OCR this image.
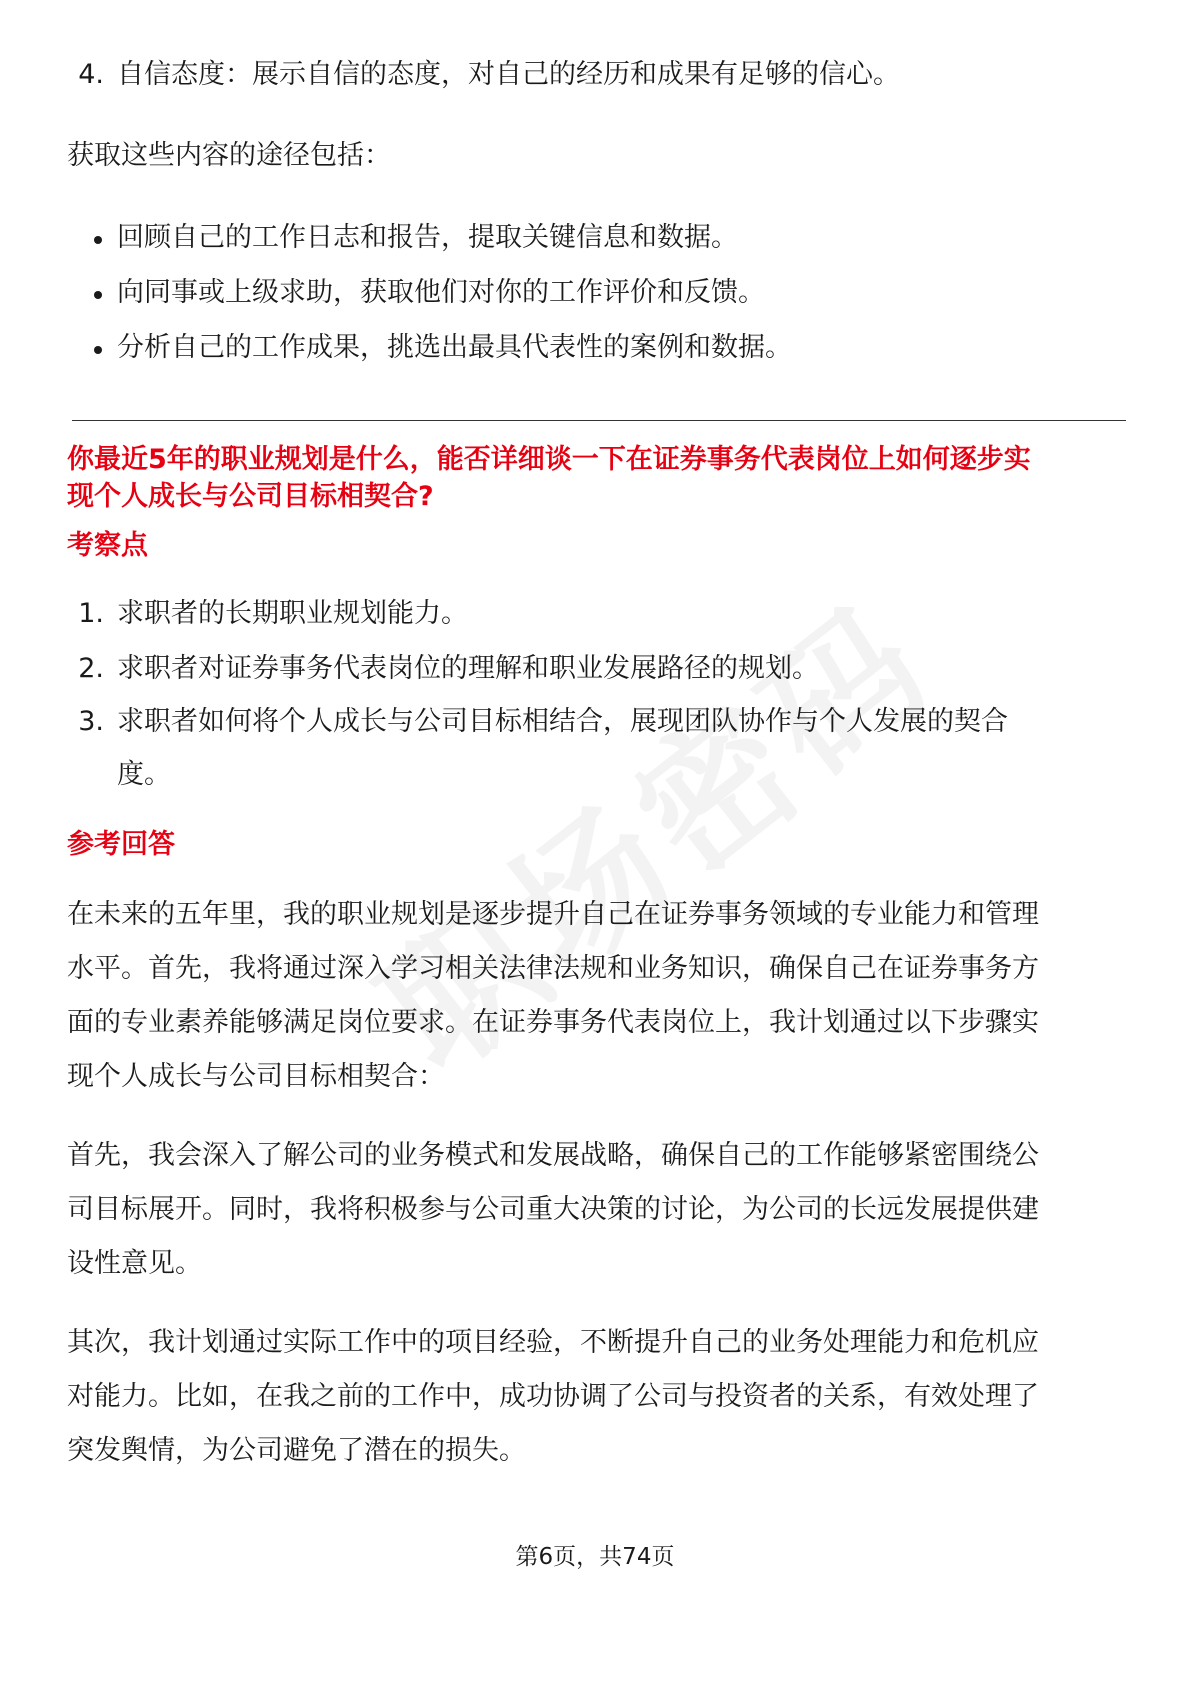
4. 自信态度：展示自信的态度，对自己的经历和成果有足够的信心。
获取这些内容的途径包括：
回顾自己的工作日志和报告，提取关键信息和数据。
向同事或上级求助，获取他们对你的工作评价和反馈。
分析自己的工作成果，挑选出最具代表性的案例和数据。
你最近5年的职业规划是什么，能否详细谈一下在证券事务代表岗位上如何逐步实
现个人成长与公司目标相契合?
考察点
1. 求职者的长期职业规划能力。
2. 求职者对证券事务代表岗位的理解和职业发展路径的规划。
3. 求职者如何将个人成长与公司目标相结合，展现团队协作与个人发展的契合
度。
参考回答
在未来的五年里，我的职业规划是逐步提升自己在证券事务领域的专业能力和管理
水平。首先，我将通过深入学习相关法律法规和业务知识，确保自己在证券事务方
面的专业素养能够满足岗位要求。在证券事务代表岗位上，我计划通过以下步骤实
现个人成长与公司目标相契合：
首先，我会深入了解公司的业务模式和发展战略，确保自己的工作能够紧密围绕公
司目标展开。同时，我将积极参与公司重大决策的讨论，为公司的长远发展提供建
设性意见。
其次，我计划通过实际工作中的项目经验，不断提升自己的业务处理能力和危机应
对能力。比如，在我之前的工作中，成功协调了公司与投资者的关系，有效处理了
突发舆情，为公司避免了潜在的损失。
第6页，共74页
